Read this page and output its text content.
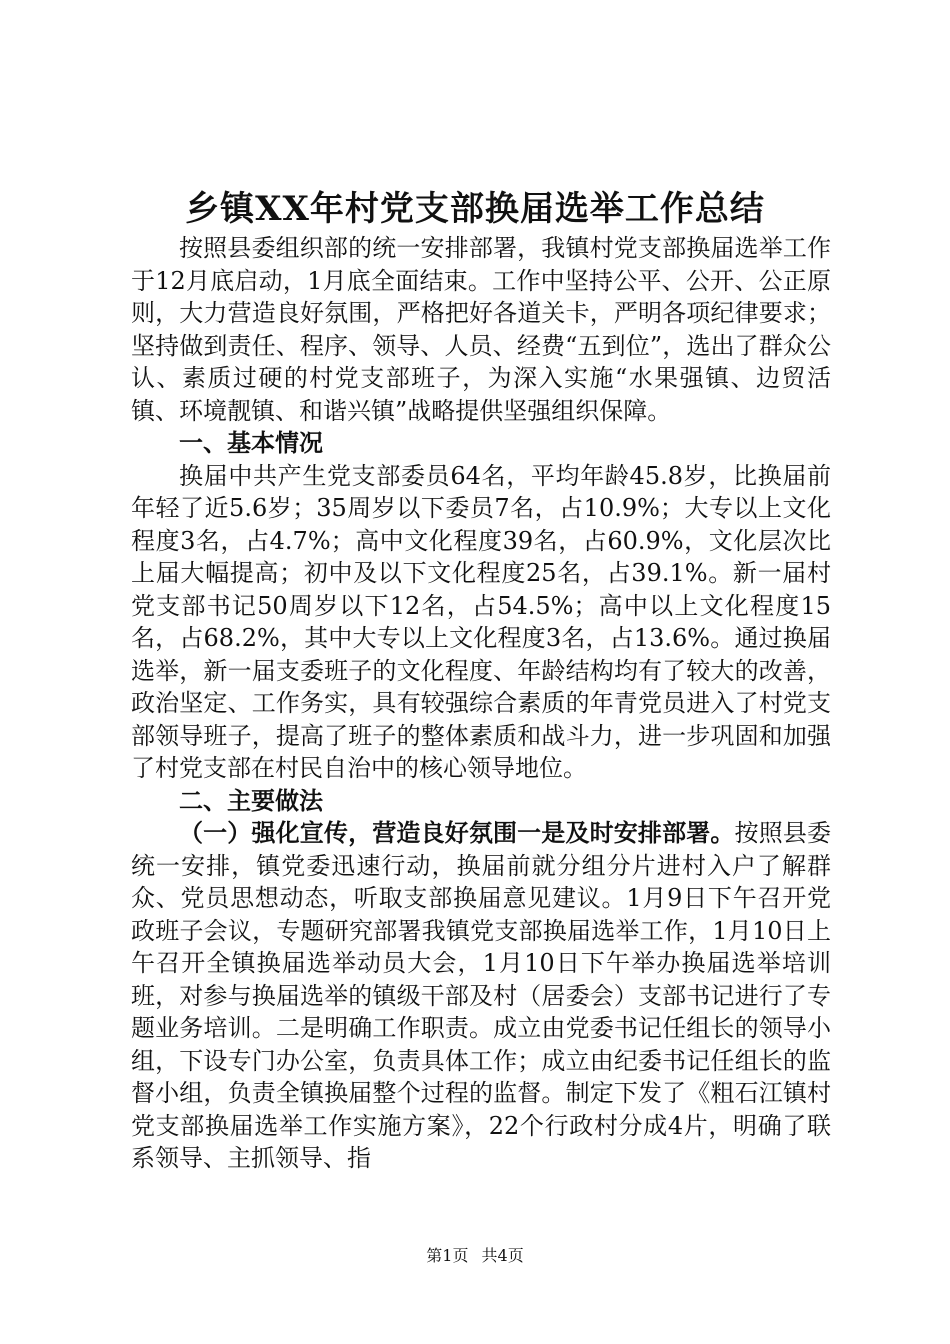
乡镇XX年村党支部换届选举工作总结

按照县委组织部的统一安排部署，我镇村党支部换届选举工作于12月底启动，1月底全面结束。工作中坚持公平、公开、公正原则，大力营造良好氛围，严格把好各道关卡，严明各项纪律要求；坚持做到责任、程序、领导、人员、经费“五到位”，选出了群众公认、素质过硬的村党支部班子，为深入实施“水果强镇、边贸活镇、环境靓镇、和谐兴镇”战略提供坚强组织保障。

一、基本情况

换届中共产生党支部委员64名，平均年龄45.8岁，比换届前年轻了近5.6岁；35周岁以下委员7名，占10.9%；大专以上文化程度3名，占4.7%；高中文化程度39名，占60.9%，文化层次比上届大幅提高；初中及以下文化程度25名，占39.1%。新一届村党支部书记50周岁以下12名，占54.5%；高中以上文化程度15名，占68.2%，其中大专以上文化程度3名，占13.6%。通过换届选举，新一届支委班子的文化程度、年龄结构均有了较大的改善，政治坚定、工作务实，具有较强综合素质的年青党员进入了村党支部领导班子，提高了班子的整体素质和战斗力，进一步巩固和加强了村党支部在村民自治中的核心领导地位。

二、主要做法

（一）强化宣传，营造良好氛围一是及时安排部署。按照县委统一安排，镇党委迅速行动，换届前就分组分片进村入户了解群众、党员思想动态，听取支部换届意见建议。1月9日下午召开党政班子会议，专题研究部署我镇党支部换届选举工作，1月10日上午召开全镇换届选举动员大会，1月10日下午举办换届选举培训班，对参与换届选举的镇级干部及村（居委会）支部书记进行了专题业务培训。二是明确工作职责。成立由党委书记任组长的领导小组，下设专门办公室，负责具体工作；成立由纪委书记任组长的监督小组，负责全镇换届整个过程的监督。制定下发了《粗石江镇村党支部换届选举工作实施方案》，22个行政村分成4片，明确了联系领导、主抓领导、指

第1页 共4页
